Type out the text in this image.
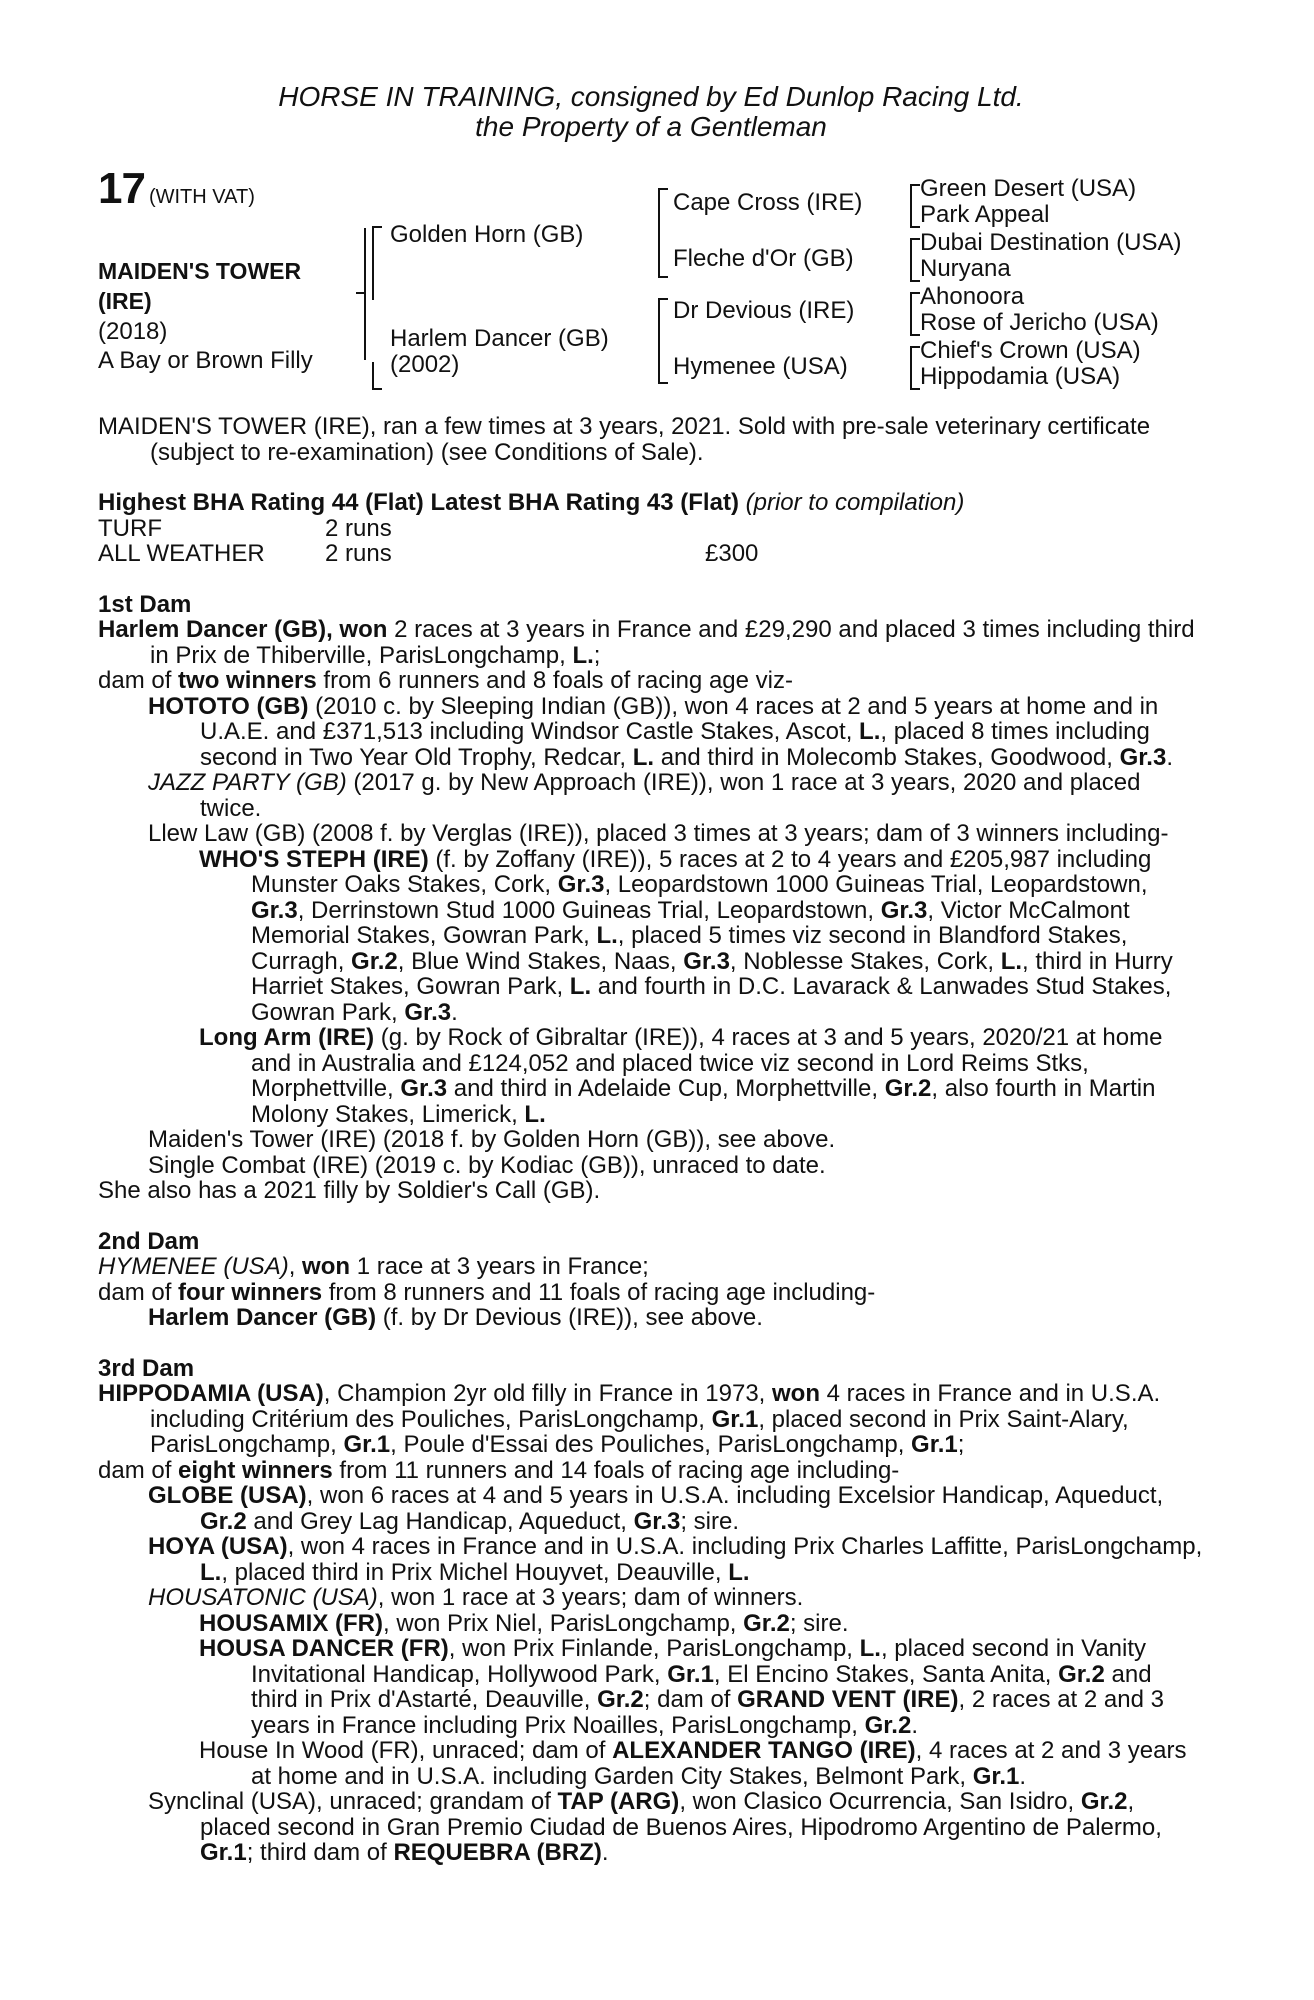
HORSE IN TRAINING, consigned by Ed Dunlop Racing Ltd.
the Property of a Gentleman
17 (WITH VAT)
MAIDEN'S TOWER (IRE)
(2018)
A Bay or Brown Filly
Golden Horn (GB)
Harlem Dancer (GB)
(2002)
Cape Cross (IRE)
Fleche d'Or (GB)
Dr Devious (IRE)
Hymenee (USA)
Green Desert (USA)
Park Appeal
Dubai Destination (USA)
Nuryana
Ahonoora
Rose of Jericho (USA)
Chief's Crown (USA)
Hippodamia (USA)

MAIDEN'S TOWER (IRE), ran a few times at 3 years, 2021. Sold with pre-sale veterinary certificate (subject to re-examination) (see Conditions of Sale).

Highest BHA Rating 44 (Flat) Latest BHA Rating 43 (Flat) (prior to compilation)
TURF	2 runs
ALL WEATHER	2 runs	£300
1st Dam

Harlem Dancer (GB), won 2 races at 3 years in France and £29,290 and placed 3 times including third in Prix de Thiberville, ParisLongchamp, L.;

dam of two winners from 6 runners and 8 foals of racing age viz-

HOTOTO (GB) (2010 c. by Sleeping Indian (GB)), won 4 races at 2 and 5 years at home and in U.A.E. and £371,513 including Windsor Castle Stakes, Ascot, L., placed 8 times including second in Two Year Old Trophy, Redcar, L. and third in Molecomb Stakes, Goodwood, Gr.3.

JAZZ PARTY (GB) (2017 g. by New Approach (IRE)), won 1 race at 3 years, 2020 and placed twice.

Llew Law (GB) (2008 f. by Verglas (IRE)), placed 3 times at 3 years; dam of 3 winners including-

WHO'S STEPH (IRE) (f. by Zoffany (IRE)), 5 races at 2 to 4 years and £205,987 including Munster Oaks Stakes, Cork, Gr.3, Leopardstown 1000 Guineas Trial, Leopardstown, Gr.3, Derrinstown Stud 1000 Guineas Trial, Leopardstown, Gr.3, Victor McCalmont Memorial Stakes, Gowran Park, L., placed 5 times viz second in Blandford Stakes, Curragh, Gr.2, Blue Wind Stakes, Naas, Gr.3, Noblesse Stakes, Cork, L., third in Hurry Harriet Stakes, Gowran Park, L. and fourth in D.C. Lavarack & Lanwades Stud Stakes, Gowran Park, Gr.3.

Long Arm (IRE) (g. by Rock of Gibraltar (IRE)), 4 races at 3 and 5 years, 2020/21 at home and in Australia and £124,052 and placed twice viz second in Lord Reims Stks, Morphettville, Gr.3 and third in Adelaide Cup, Morphettville, Gr.2, also fourth in Martin Molony Stakes, Limerick, L.

Maiden's Tower (IRE) (2018 f. by Golden Horn (GB)), see above.

Single Combat (IRE) (2019 c. by Kodiac (GB)), unraced to date.

She also has a 2021 filly by Soldier's Call (GB).

2nd Dam

HYMENEE (USA), won 1 race at 3 years in France;

dam of four winners from 8 runners and 11 foals of racing age including-

Harlem Dancer (GB) (f. by Dr Devious (IRE)), see above.

3rd Dam

HIPPODAMIA (USA), Champion 2yr old filly in France in 1973, won 4 races in France and in U.S.A. including Critérium des Pouliches, ParisLongchamp, Gr.1, placed second in Prix Saint-Alary, ParisLongchamp, Gr.1, Poule d'Essai des Pouliches, ParisLongchamp, Gr.1;

dam of eight winners from 11 runners and 14 foals of racing age including-

GLOBE (USA), won 6 races at 4 and 5 years in U.S.A. including Excelsior Handicap, Aqueduct, Gr.2 and Grey Lag Handicap, Aqueduct, Gr.3; sire.

HOYA (USA), won 4 races in France and in U.S.A. including Prix Charles Laffitte, ParisLongchamp, L., placed third in Prix Michel Houyvet, Deauville, L.

HOUSATONIC (USA), won 1 race at 3 years; dam of winners.

HOUSAMIX (FR), won Prix Niel, ParisLongchamp, Gr.2; sire.

HOUSA DANCER (FR), won Prix Finlande, ParisLongchamp, L., placed second in Vanity Invitational Handicap, Hollywood Park, Gr.1, El Encino Stakes, Santa Anita, Gr.2 and third in Prix d'Astarté, Deauville, Gr.2; dam of GRAND VENT (IRE), 2 races at 2 and 3 years in France including Prix Noailles, ParisLongchamp, Gr.2.

House In Wood (FR), unraced; dam of ALEXANDER TANGO (IRE), 4 races at 2 and 3 years at home and in U.S.A. including Garden City Stakes, Belmont Park, Gr.1.

Synclinal (USA), unraced; grandam of TAP (ARG), won Clasico Ocurrencia, San Isidro, Gr.2, placed second in Gran Premio Ciudad de Buenos Aires, Hipodromo Argentino de Palermo, Gr.1; third dam of REQUEBRA (BRZ).
